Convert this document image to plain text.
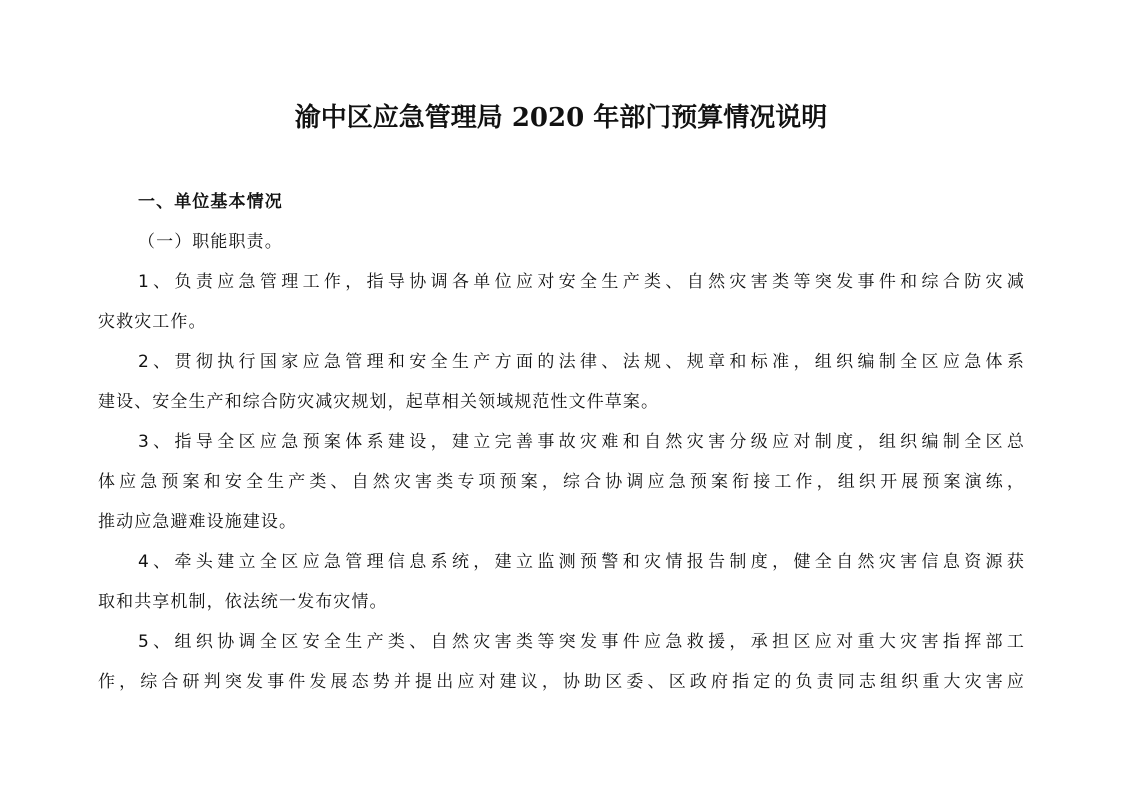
渝中区应急管理局 2020 年部门预算情况说明

一、单位基本情况

（一）职能职责。

1、负责应急管理工作，指导协调各单位应对安全生产类、自然灾害类等突发事件和综合防灾减

灾救灾工作。

2、贯彻执行国家应急管理和安全生产方面的法律、法规、规章和标准，组织编制全区应急体系

建设、安全生产和综合防灾减灾规划，起草相关领域规范性文件草案。

3、指导全区应急预案体系建设，建立完善事故灾难和自然灾害分级应对制度，组织编制全区总

体应急预案和安全生产类、自然灾害类专项预案，综合协调应急预案衔接工作，组织开展预案演练，

推动应急避难设施建设。

4、牵头建立全区应急管理信息系统，建立监测预警和灾情报告制度，健全自然灾害信息资源获

取和共享机制，依法统一发布灾情。

5、组织协调全区安全生产类、自然灾害类等突发事件应急救援，承担区应对重大灾害指挥部工

作，综合研判突发事件发展态势并提出应对建议，协助区委、区政府指定的负责同志组织重大灾害应
